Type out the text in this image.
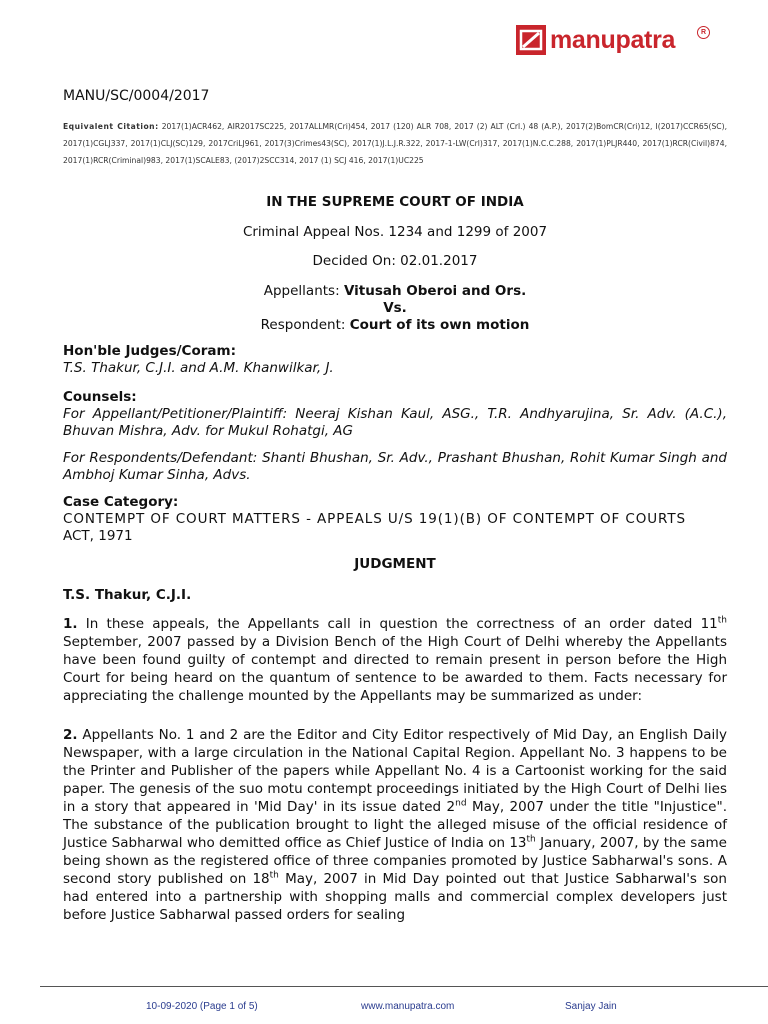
manupatra	R
MANU/SC/0004/2017
Equivalent Citation: 2017(1)ACR462, AIR2017SC225, 2017ALLMR(Cri)454, 2017 (120) ALR 708, 2017 (2) ALT (Crl.) 48 (A.P.), 2017(2)BomCR(Cri)12, I(2017)CCR65(SC), 2017(1)CGLJ337, 2017(1)CLJ(SC)129, 2017CriLJ961, 2017(3)Crimes43(SC), 2017(1)J.L.J.R.322, 2017-1-LW(Crl)317, 2017(1)N.C.C.288, 2017(1)PLJR440, 2017(1)RCR(Civil)874, 2017(1)RCR(Criminal)983, 2017(1)SCALE83, (2017)2SCC314, 2017 (1) SCJ 416, 2017(1)UC225
IN THE SUPREME COURT OF INDIA
Criminal Appeal Nos. 1234 and 1299 of 2007
Decided On: 02.01.2017
Appellants: Vitusah Oberoi and Ors.
Vs.
Respondent: Court of its own motion
Hon'ble Judges/Coram:
T.S. Thakur, C.J.I. and A.M. Khanwilkar, J.
Counsels:
For Appellant/Petitioner/Plaintiff: Neeraj Kishan Kaul, ASG., T.R. Andhyarujina, Sr. Adv. (A.C.), Bhuvan Mishra, Adv. for Mukul Rohatgi, AG
For Respondents/Defendant: Shanti Bhushan, Sr. Adv., Prashant Bhushan, Rohit Kumar Singh and Ambhoj Kumar Sinha, Advs.
Case Category:
CONTEMPT OF COURT MATTERS - APPEALS U/S 19(1)(B) OF CONTEMPT OF COURTS
ACT, 1971
JUDGMENT
T.S. Thakur, C.J.I.
1. In these appeals, the Appellants call in question the correctness of an order dated 11th September, 2007 passed by a Division Bench of the High Court of Delhi whereby the Appellants have been found guilty of contempt and directed to remain present in person before the High Court for being heard on the quantum of sentence to be awarded to them. Facts necessary for appreciating the challenge mounted by the Appellants may be summarized as under:
2. Appellants No. 1 and 2 are the Editor and City Editor respectively of Mid Day, an English Daily Newspaper, with a large circulation in the National Capital Region. Appellant No. 3 happens to be the Printer and Publisher of the papers while Appellant No. 4 is a Cartoonist working for the said paper. The genesis of the suo motu contempt proceedings initiated by the High Court of Delhi lies in a story that appeared in 'Mid Day' in its issue dated 2nd May, 2007 under the title "Injustice". The substance of the publication brought to light the alleged misuse of the official residence of Justice Sabharwal who demitted office as Chief Justice of India on 13th January, 2007, by the same being shown as the registered office of three companies promoted by Justice Sabharwal's sons. A second story published on 18th May, 2007 in Mid Day pointed out that Justice Sabharwal's son had entered into a partnership with shopping malls and commercial complex developers just before Justice Sabharwal passed orders for sealing
10-09-2020 (Page 1 of 5)	www.manupatra.com	Sanjay Jain
